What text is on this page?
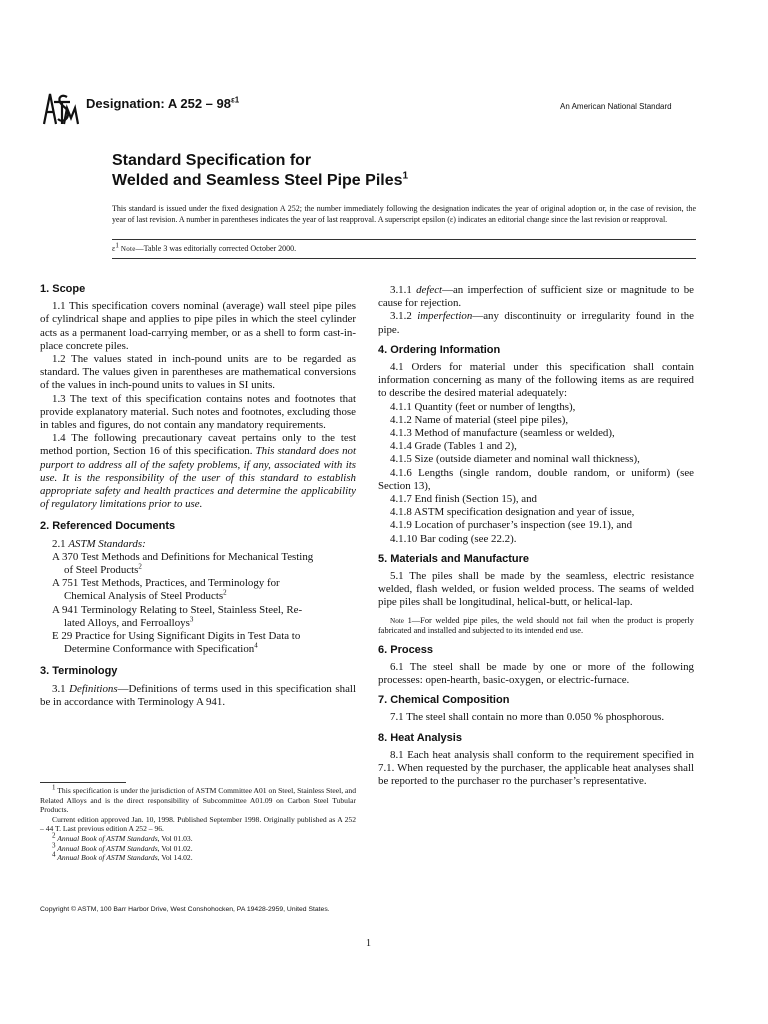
Designation: A $252 - 98^{\varepsilon 1}$
An American National Standard
Standard Specification for
Welded and Seamless Steel Pipe Piles$^1$
This standard is issued under the fixed designation A 252; the number immediately following the designation indicates the year of original adoption or, in the case of revision, the year of last revision. A number in parentheses indicates the year of last reapproval. A superscript epsilon (ε) indicates an editorial change since the last revision or reapproval.
$\varepsilon^1$ Note—Table 3 was editorially corrected October 2000.
1. Scope

1.1 This specification covers nominal (average) wall steel pipe piles of cylindrical shape and applies to pipe piles in which the steel cylinder acts as a permanent load-carrying member, or as a shell to form cast-in-place concrete piles.

1.2 The values stated in inch-pound units are to be regarded as standard. The values given in parentheses are mathematical conversions of the values in inch-pound units to values in SI units.

1.3 The text of this specification contains notes and footnotes that provide explanatory material. Such notes and footnotes, excluding those in tables and figures, do not contain any mandatory requirements.

1.4 The following precautionary caveat pertains only to the test method portion, Section 16 of this specification. This standard does not purport to address all of the safety problems, if any, associated with its use. It is the responsibility of the user of this standard to establish appropriate safety and health practices and determine the applicability of regulatory limitations prior to use.

2. Referenced Documents

2.1 ASTM Standards:

A 370 Test Methods and Definitions for Mechanical Testing
of Steel Products$^2$
A 751 Test Methods, Practices, and Terminology for
Chemical Analysis of Steel Products$^2$
A 941 Terminology Relating to Steel, Stainless Steel, Re-
lated Alloys, and Ferroalloys$^3$
E 29 Practice for Using Significant Digits in Test Data to
Determine Conformance with Specification$^4$
3. Terminology

3.1 Definitions—Definitions of terms used in this specification shall be in accordance with Terminology A 941.

3.1.1 defect—an imperfection of sufficient size or magnitude to be cause for rejection.

3.1.2 imperfection—any discontinuity or irregularity found in the pipe.

4. Ordering Information

4.1 Orders for material under this specification shall contain information concerning as many of the following items as are required to describe the desired material adequately:

4.1.1 Quantity (feet or number of lengths),

4.1.2 Name of material (steel pipe piles),

4.1.3 Method of manufacture (seamless or welded),

4.1.4 Grade (Tables 1 and 2),

4.1.5 Size (outside diameter and nominal wall thickness),

4.1.6 Lengths (single random, double random, or uniform) (see Section 13),

4.1.7 End finish (Section 15), and

4.1.8 ASTM specification designation and year of issue,

4.1.9 Location of purchaser’s inspection (see 19.1), and

4.1.10 Bar coding (see 22.2).

5. Materials and Manufacture

5.1 The piles shall be made by the seamless, electric resistance welded, flash welded, or fusion welded process. The seams of welded pipe piles shall be longitudinal, helical-butt, or helical-lap.

Note 1—For welded pipe piles, the weld should not fail when the product is properly fabricated and installed and subjected to its intended end use.

6. Process

6.1 The steel shall be made by one or more of the following processes: open-hearth, basic-oxygen, or electric-furnace.

7. Chemical Composition

7.1 The steel shall contain no more than 0.050 % phosphorous.

8. Heat Analysis

8.1 Each heat analysis shall conform to the requirement specified in 7.1. When requested by the purchaser, the applicable heat analyses shall be reported to the purchaser ro the purchaser’s representative.

$^1$ This specification is under the jurisdiction of ASTM Committee A01 on Steel, Stainless Steel, and Related Alloys and is the direct responsibility of Subcommittee A01.09 on Carbon Steel Tubular Products.

Current edition approved Jan. 10, 1998. Published September 1998. Originally published as A 252 – 44 T. Last previous edition A 252 – 96.

$^2$ Annual Book of ASTM Standards, Vol 01.03.

$^3$ Annual Book of ASTM Standards, Vol 01.02.

$^4$ Annual Book of ASTM Standards, Vol 14.02.

Copyright © ASTM, 100 Barr Harbor Drive, West Conshohocken, PA 19428-2959, United States.
1
